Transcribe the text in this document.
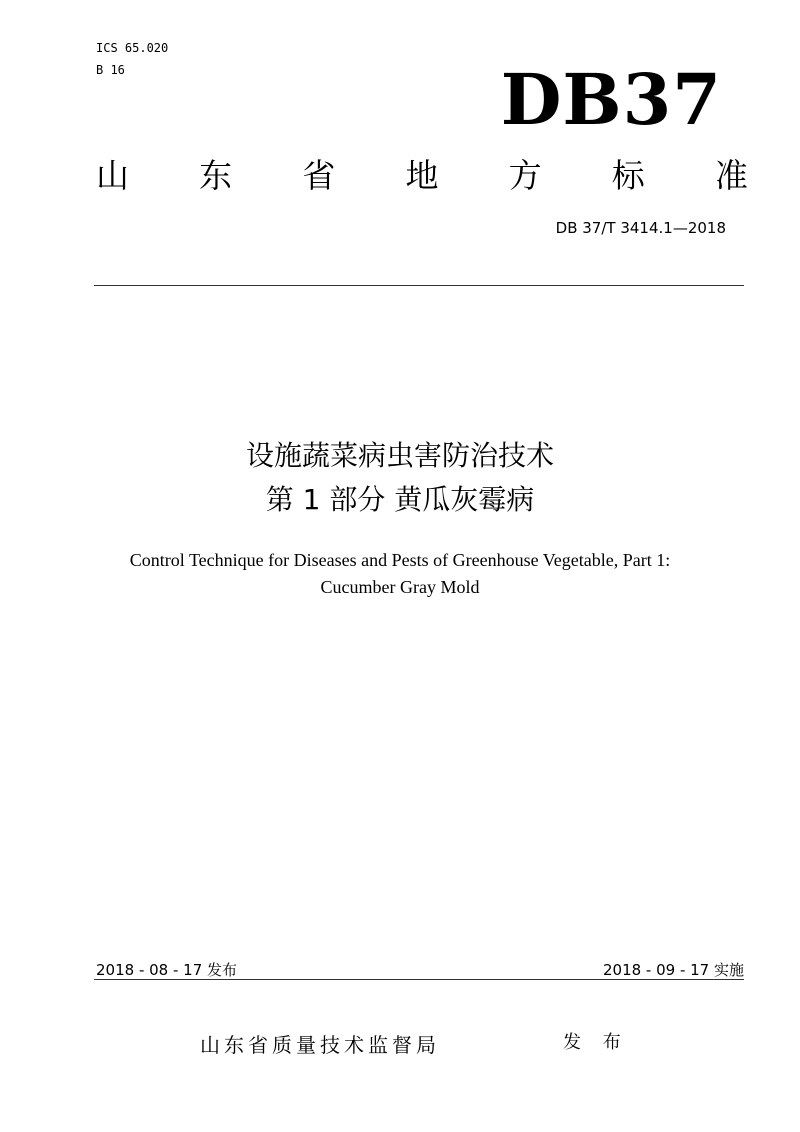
ICS 65.020
B 16	DB37
山 东 省 地 方 标 准
DB 37/T 3414.1—2018
设施蔬菜病虫害防治技术
第 1 部分 黄瓜灰霉病
Control Technique for Diseases and Pests of Greenhouse Vegetable, Part 1:
Cucumber Gray Mold
2018 - 08 - 17 发布	2018 - 09 - 17 实施
山东省质量技术监督局	发 布
